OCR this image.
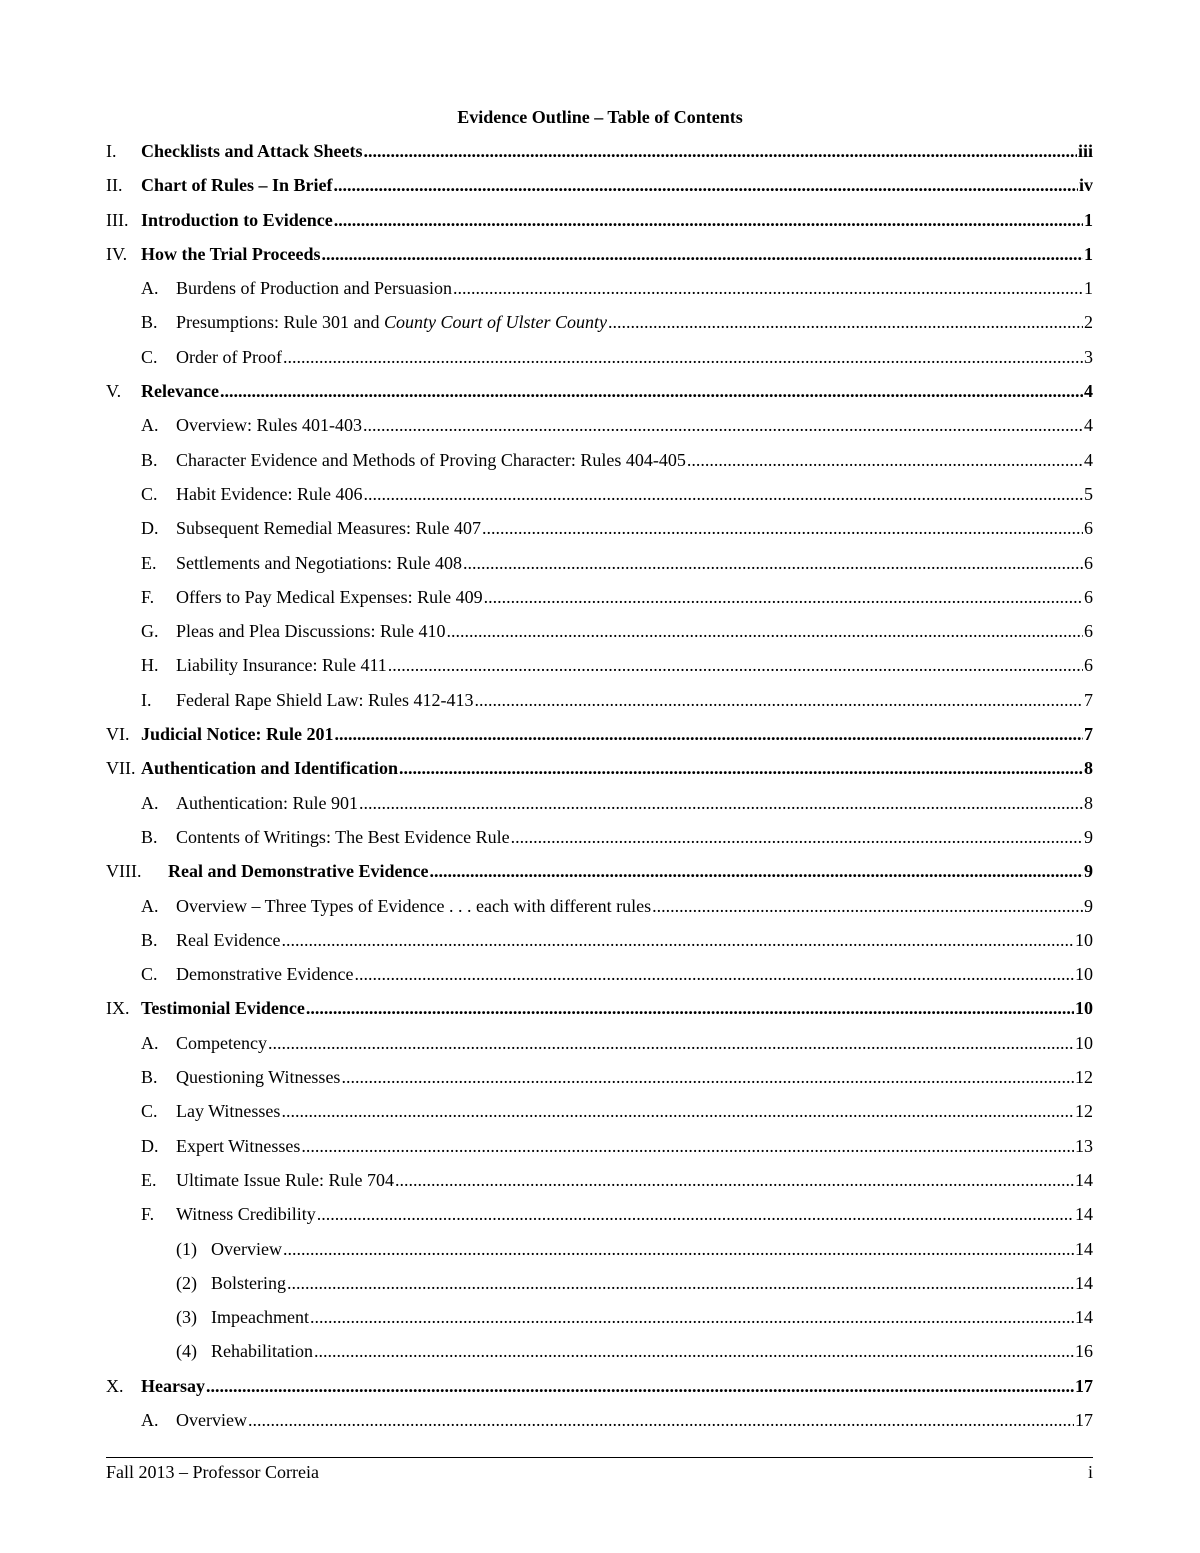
Evidence Outline – Table of Contents
I.	Checklists and Attack Sheets .....	iii
II.	Chart of Rules – In Brief .....	iv
III. Introduction to Evidence .....	1
IV. How the Trial Proceeds .....	1
A. Burdens of Production and Persuasion .....	1
B.	Presumptions: Rule 301 and County Court of Ulster County .....	2
C.	Order of Proof .....	3
V.	Relevance .....	4
A. Overview: Rules 401-403 .....	4
B.	Character Evidence and Methods of Proving Character: Rules 404-405 .....	4
C.	Habit Evidence: Rule 406 .....	5
D. Subsequent Remedial Measures: Rule 407 .....	6
E.	Settlements and Negotiations: Rule 408 .....	6
F.	Offers to Pay Medical Expenses: Rule 409 .....	6
G. Pleas and Plea Discussions: Rule 410 .....	6
H. Liability Insurance: Rule 411 .....	6
I.	Federal Rape Shield Law: Rules 412-413 .....	7
VI. Judicial Notice: Rule 201 .....	7
VII. Authentication and Identification .....	8
A. Authentication: Rule 901 .....	8
B.	Contents of Writings: The Best Evidence Rule .....	9
VIII.	Real and Demonstrative Evidence .....	9
A. Overview – Three Types of Evidence . . . each with different rules .....	9
B.	Real Evidence .....	10
C.	Demonstrative Evidence .....	10
IX. Testimonial Evidence .....	10
A. Competency .....	10
B.	Questioning Witnesses .....	12
C.	Lay Witnesses .....	12
D. Expert Witnesses .....	13
E.	Ultimate Issue Rule: Rule 704 .....	14
F.	Witness Credibility .....	14
(1) Overview .....	14
(2) Bolstering .....	14
(3) Impeachment .....	14
(4) Rehabilitation .....	16
X. Hearsay .....	17
A. Overview .....	17
Fall 2013 – Professor Correia	i
